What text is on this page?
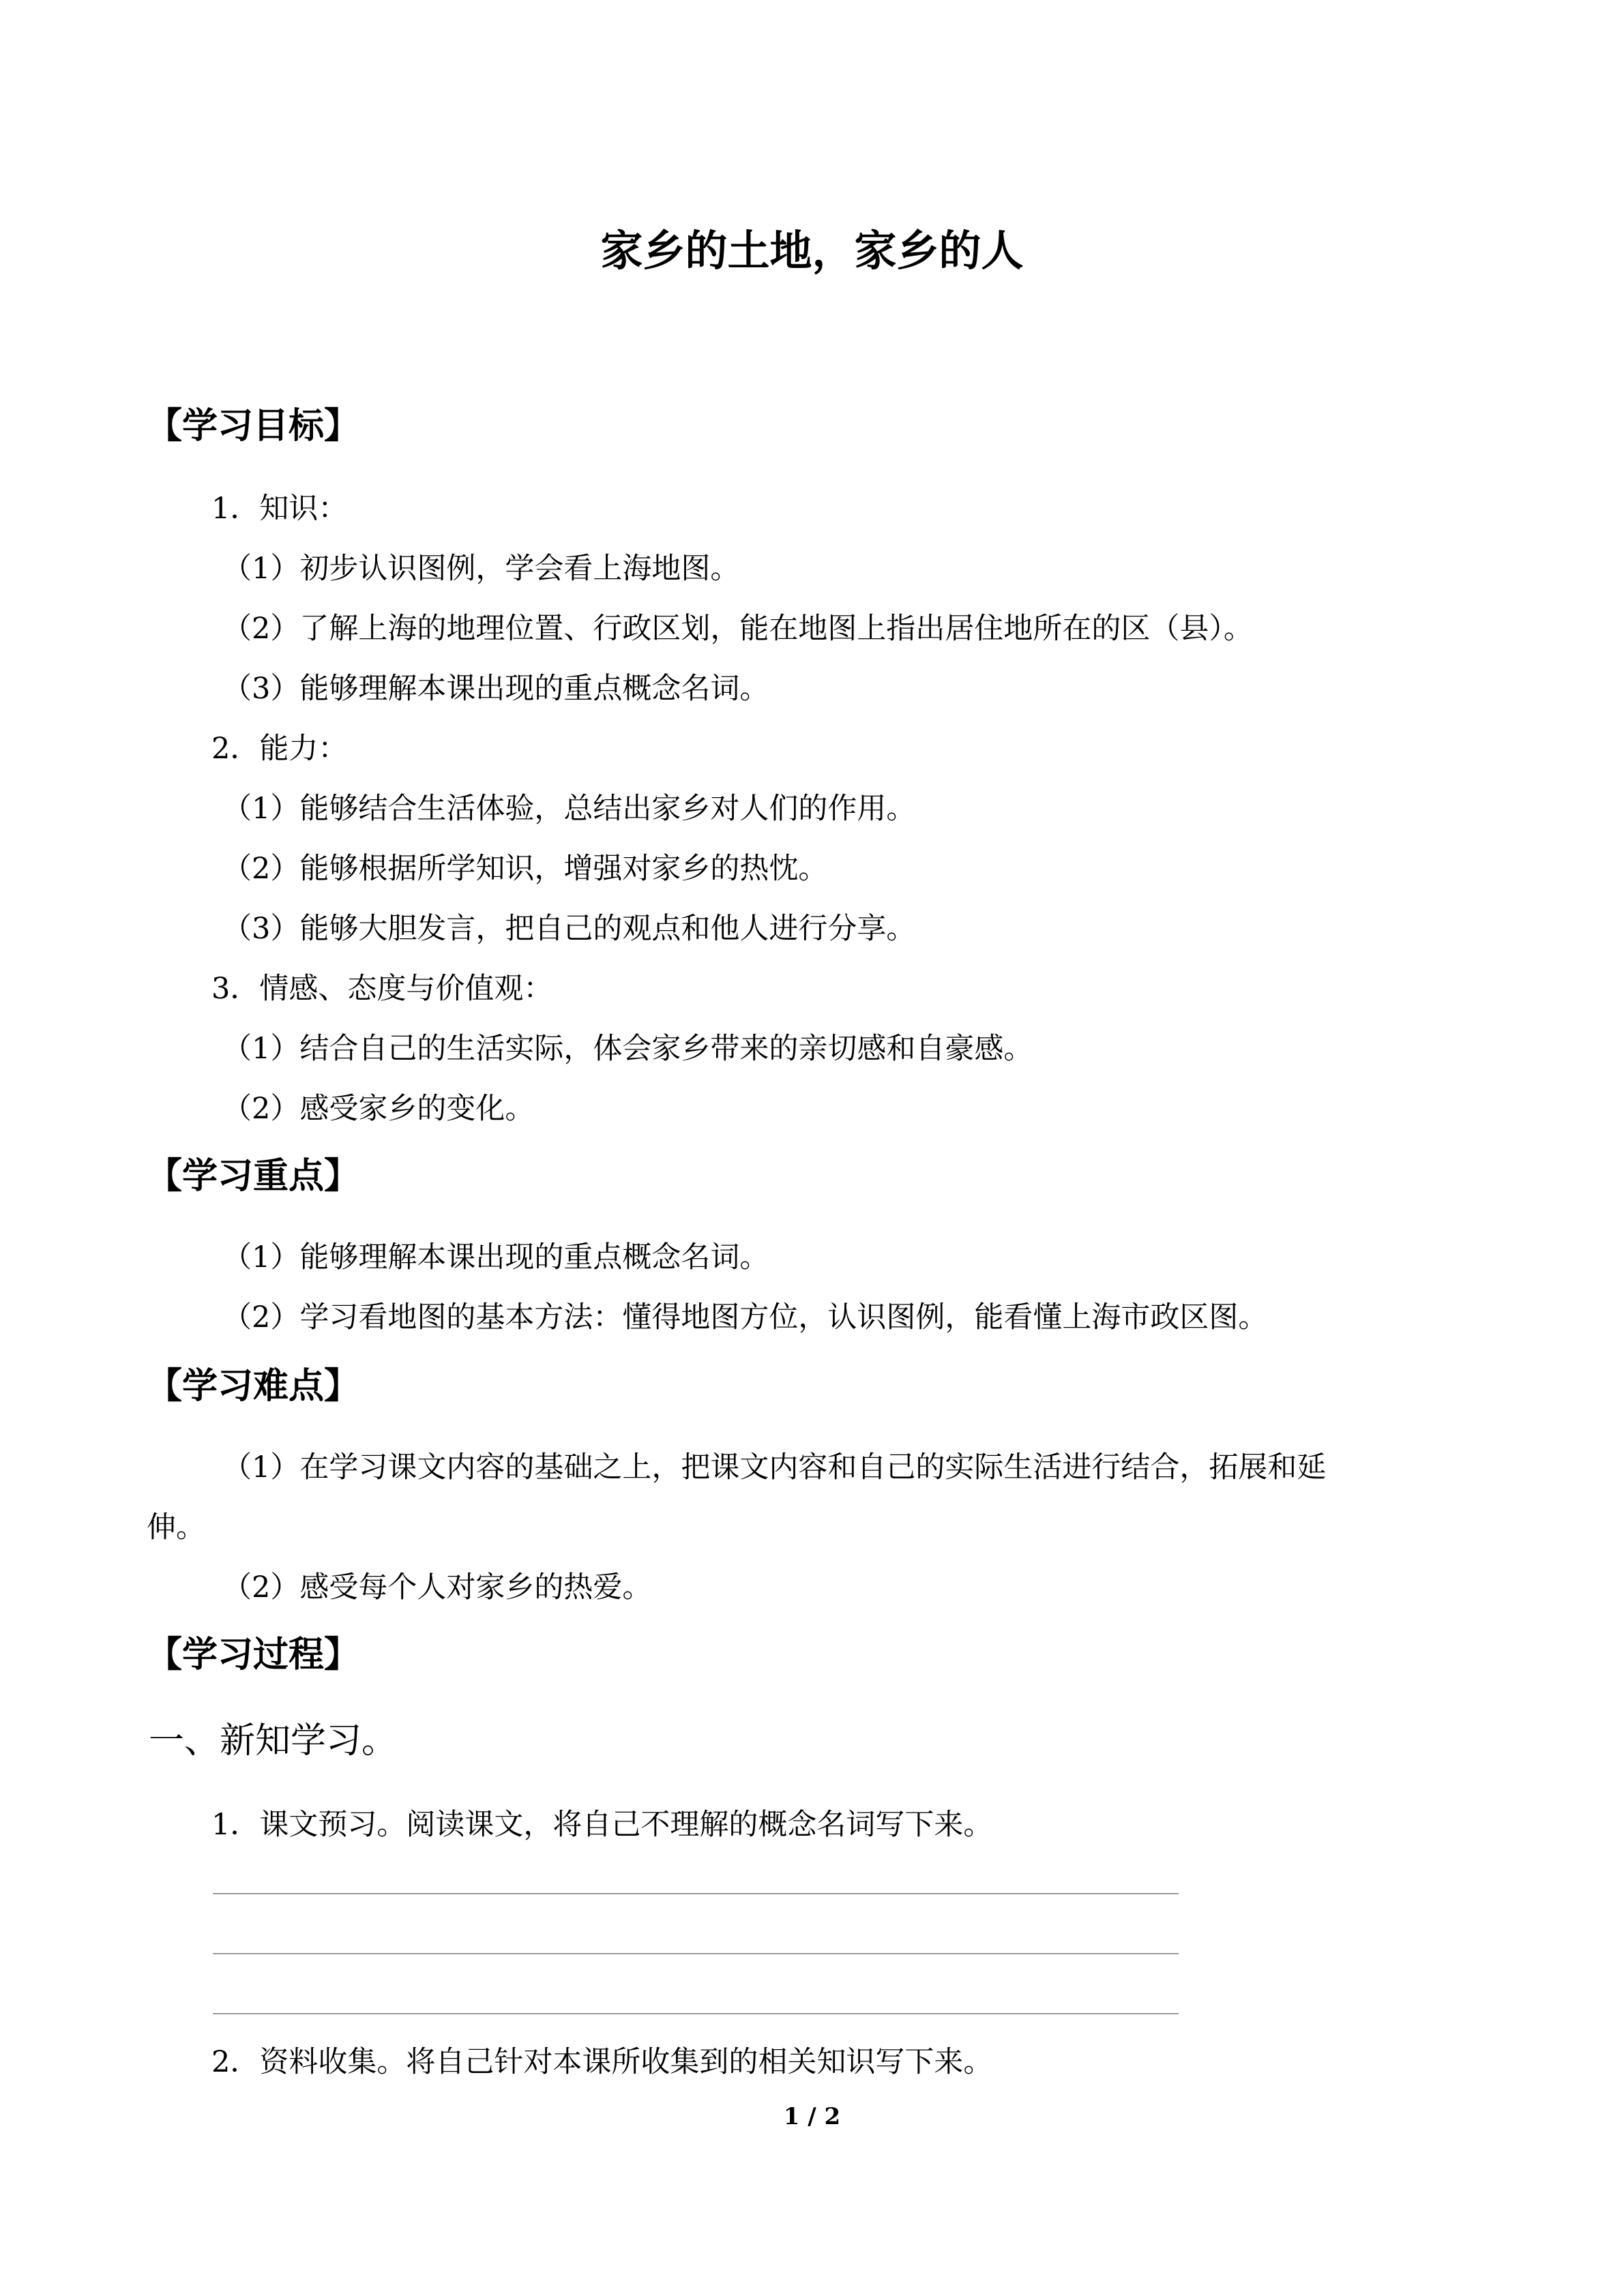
家乡的土地，家乡的人
【学习目标】
1．知识：
（1）初步认识图例，学会看上海地图。
（2）了解上海的地理位置、行政区划，能在地图上指出居住地所在的区（县）。
（3）能够理解本课出现的重点概念名词。
2．能力：
（1）能够结合生活体验，总结出家乡对人们的作用。
（2）能够根据所学知识，增强对家乡的热忱。
（3）能够大胆发言，把自己的观点和他人进行分享。
3．情感、态度与价值观：
（1）结合自己的生活实际，体会家乡带来的亲切感和自豪感。
（2）感受家乡的变化。
【学习重点】
（1）能够理解本课出现的重点概念名词。
（2）学习看地图的基本方法：懂得地图方位，认识图例，能看懂上海市政区图。
【学习难点】
（1）在学习课文内容的基础之上，把课文内容和自己的实际生活进行结合，拓展和延
伸。
（2）感受每个人对家乡的热爱。
【学习过程】
一、新知学习。
1．课文预习。阅读课文，将自己不理解的概念名词写下来。
2．资料收集。将自己针对本课所收集到的相关知识写下来。
1 / 2
